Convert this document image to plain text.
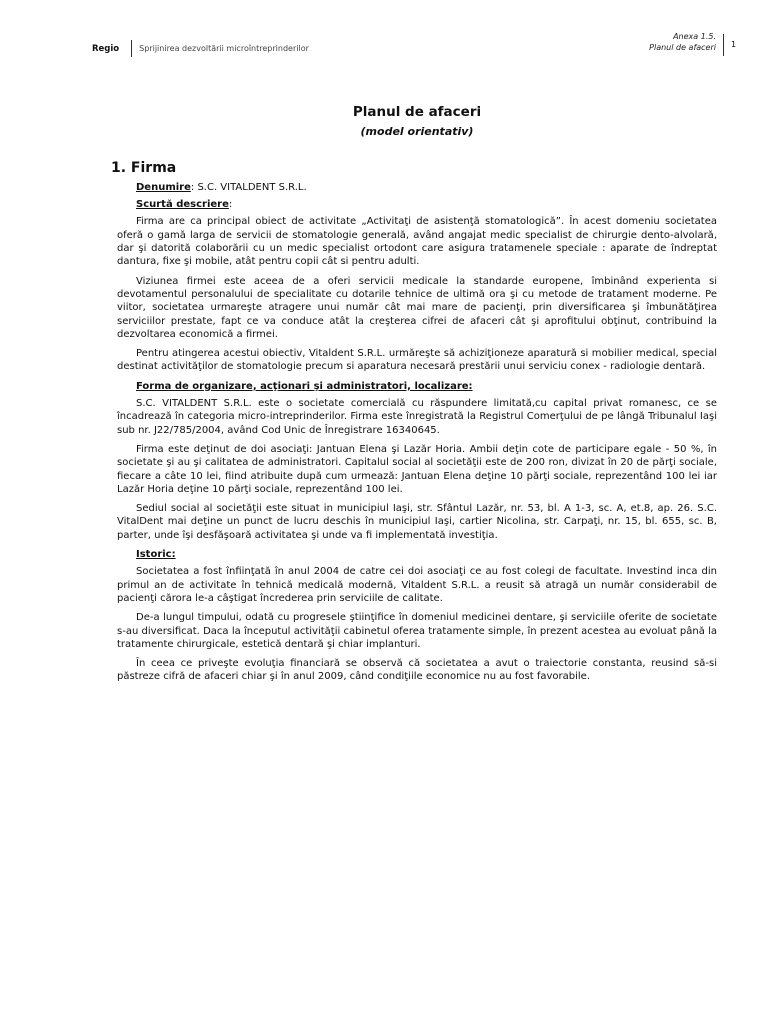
Regio	Sprijinirea dezvoltării microîntreprinderilor
Anexa 1.5.
Planul de afaceri 1
Planul de afaceri
(model orientativ)
1. Firma
Denumire: S.C. VITALDENT S.R.L.
Scurtă descriere:

Firma are ca principal obiect de activitate „Activitaţi de asistenţă stomatologică”. În acest domeniu societatea oferă o gamă larga de servicii de stomatologie generală, având angajat medic specialist de chirurgie dento-alvolară, dar şi datorită colaborării cu un medic specialist ortodont care asigura tratamenele speciale : aparate de îndreptat dantura, fixe şi mobile, atât pentru copii cât si pentru adulti.

Viziunea firmei este aceea de a oferi servicii medicale la standarde europene, îmbinând experienta si devotamentul personalului de specialitate cu dotarile tehnice de ultimă ora şi cu metode de tratament moderne. Pe viitor, societatea urmareşte atragere unui număr cât mai mare de pacienţi, prin diversificarea şi îmbunătăţirea serviciilor prestate, fapt ce va conduce atât la creşterea cifrei de afaceri cât şi aprofitului obţinut, contribuind la dezvoltarea economică a firmei.

Pentru atingerea acestui obiectiv, Vitaldent S.R.L. urmăreşte să achiziţioneze aparatură si mobilier medical, special destinat activităţilor de stomatologie precum si aparatura necesară prestării unui serviciu conex - radiologie dentară.

Forma de organizare, acţionari şi administratori, localizare:

S.C. VITALDENT S.R.L. este o societate comercială cu răspundere limitată,cu capital privat romanesc, ce se încadrează în categoria micro-intreprinderilor. Firma este înregistrată la Registrul Comerţului de pe lângă Tribunalul Iaşi sub nr. J22/785/2004, având Cod Unic de Înregistrare 16340645.

Firma este deţinut de doi asociaţi: Jantuan Elena şi Lazăr Horia. Ambii deţin cote de participare egale - 50 %, în societate şi au şi calitatea de administratori. Capitalul social al societăţii este de 200 ron, divizat în 20 de părţi sociale, fiecare a câte 10 lei, fiind atribuite după cum urmează: Jantuan Elena deţine 10 părţi sociale, reprezentând 100 lei iar Lazăr Horia deţine 10 părţi sociale, reprezentând 100 lei.

Sediul social al societăţii este situat in municipiul Iaşi, str. Sfântul Lazăr, nr. 53, bl. A 1-3, sc. A, et.8, ap. 26. S.C. VitalDent mai deţine un punct de lucru deschis în municipiul Iaşi, cartier Nicolina, str. Carpaţi, nr. 15, bl. 655, sc. B, parter, unde îşi desfăşoară activitatea şi unde va fi implementată investiţia.

Istoric:

Societatea a fost înfiinţată în anul 2004 de catre cei doi asociaţi ce au fost colegi de facultate. Investind inca din primul an de activitate în tehnică medicală modernă, Vitaldent S.R.L. a reusit să atragă un număr considerabil de pacienţi cărora le-a câştigat încrederea prin serviciile de calitate.

De-a lungul timpului, odată cu progresele ştiinţifice în domeniul medicinei dentare, şi serviciile oferite de societate s-au diversificat. Daca la începutul activităţii cabinetul oferea tratamente simple, în prezent acestea au evoluat până la tratamente chirurgicale, estetică dentară şi chiar implanturi.

În ceea ce priveşte evoluţia financiară se observă că societatea a avut o traiectorie constanta, reusind să-si păstreze cifră de afaceri chiar şi în anul 2009, când condiţiile economice nu au fost favorabile.
